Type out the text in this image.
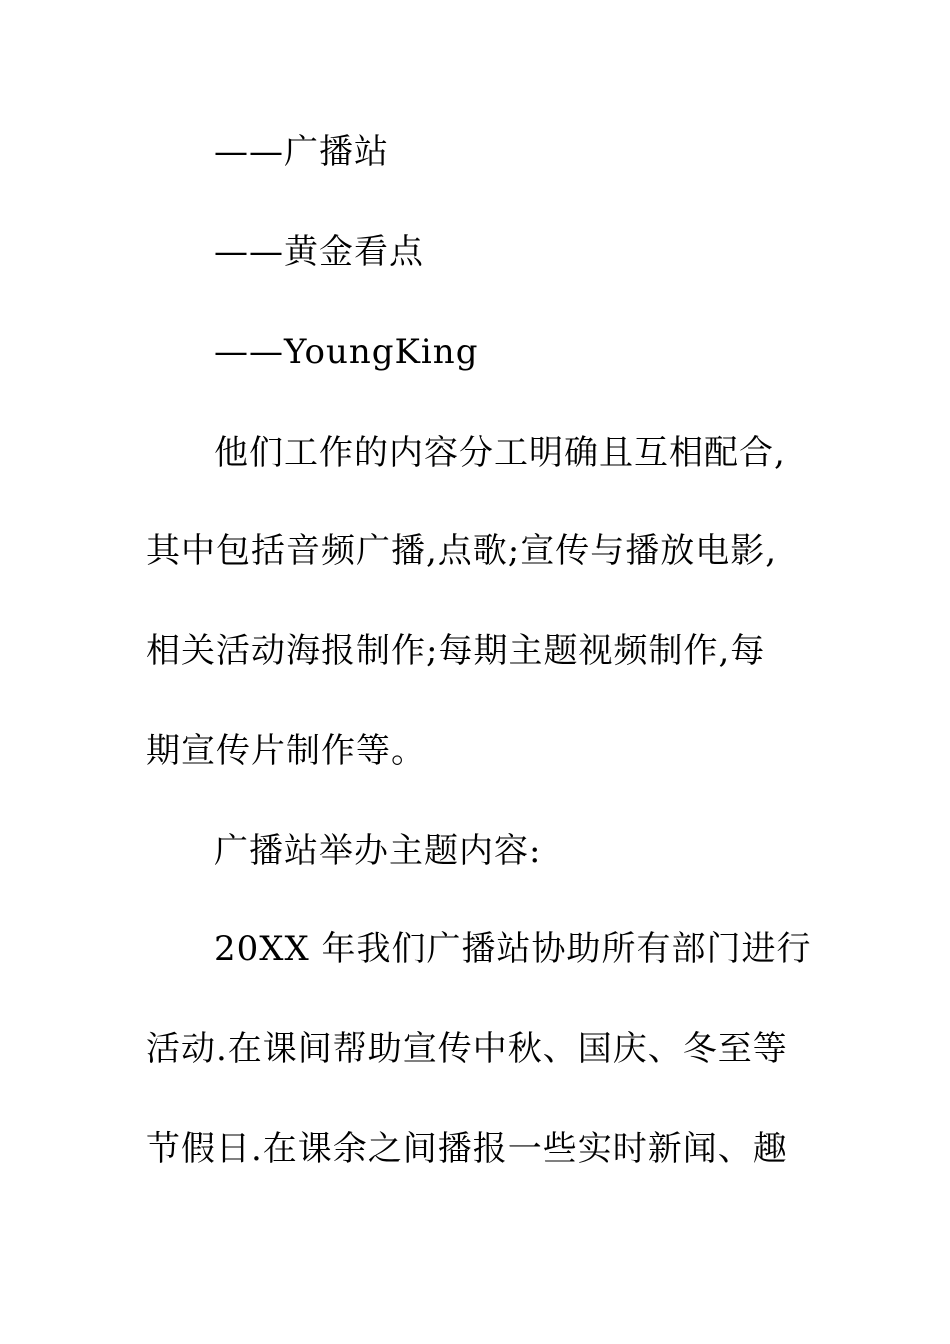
——广播站
——黄金看点
——YoungKing
他们工作的内容分工明确且互相配合,
其中包括音频广播,点歌;宣传与播放电影,
相关活动海报制作;每期主题视频制作,每
期宣传片制作等。
广播站举办主题内容:
20XX 年我们广播站协助所有部门进行
活动.在课间帮助宣传中秋、国庆、冬至等
节假日.在课余之间播报一些实时新闻、趣
